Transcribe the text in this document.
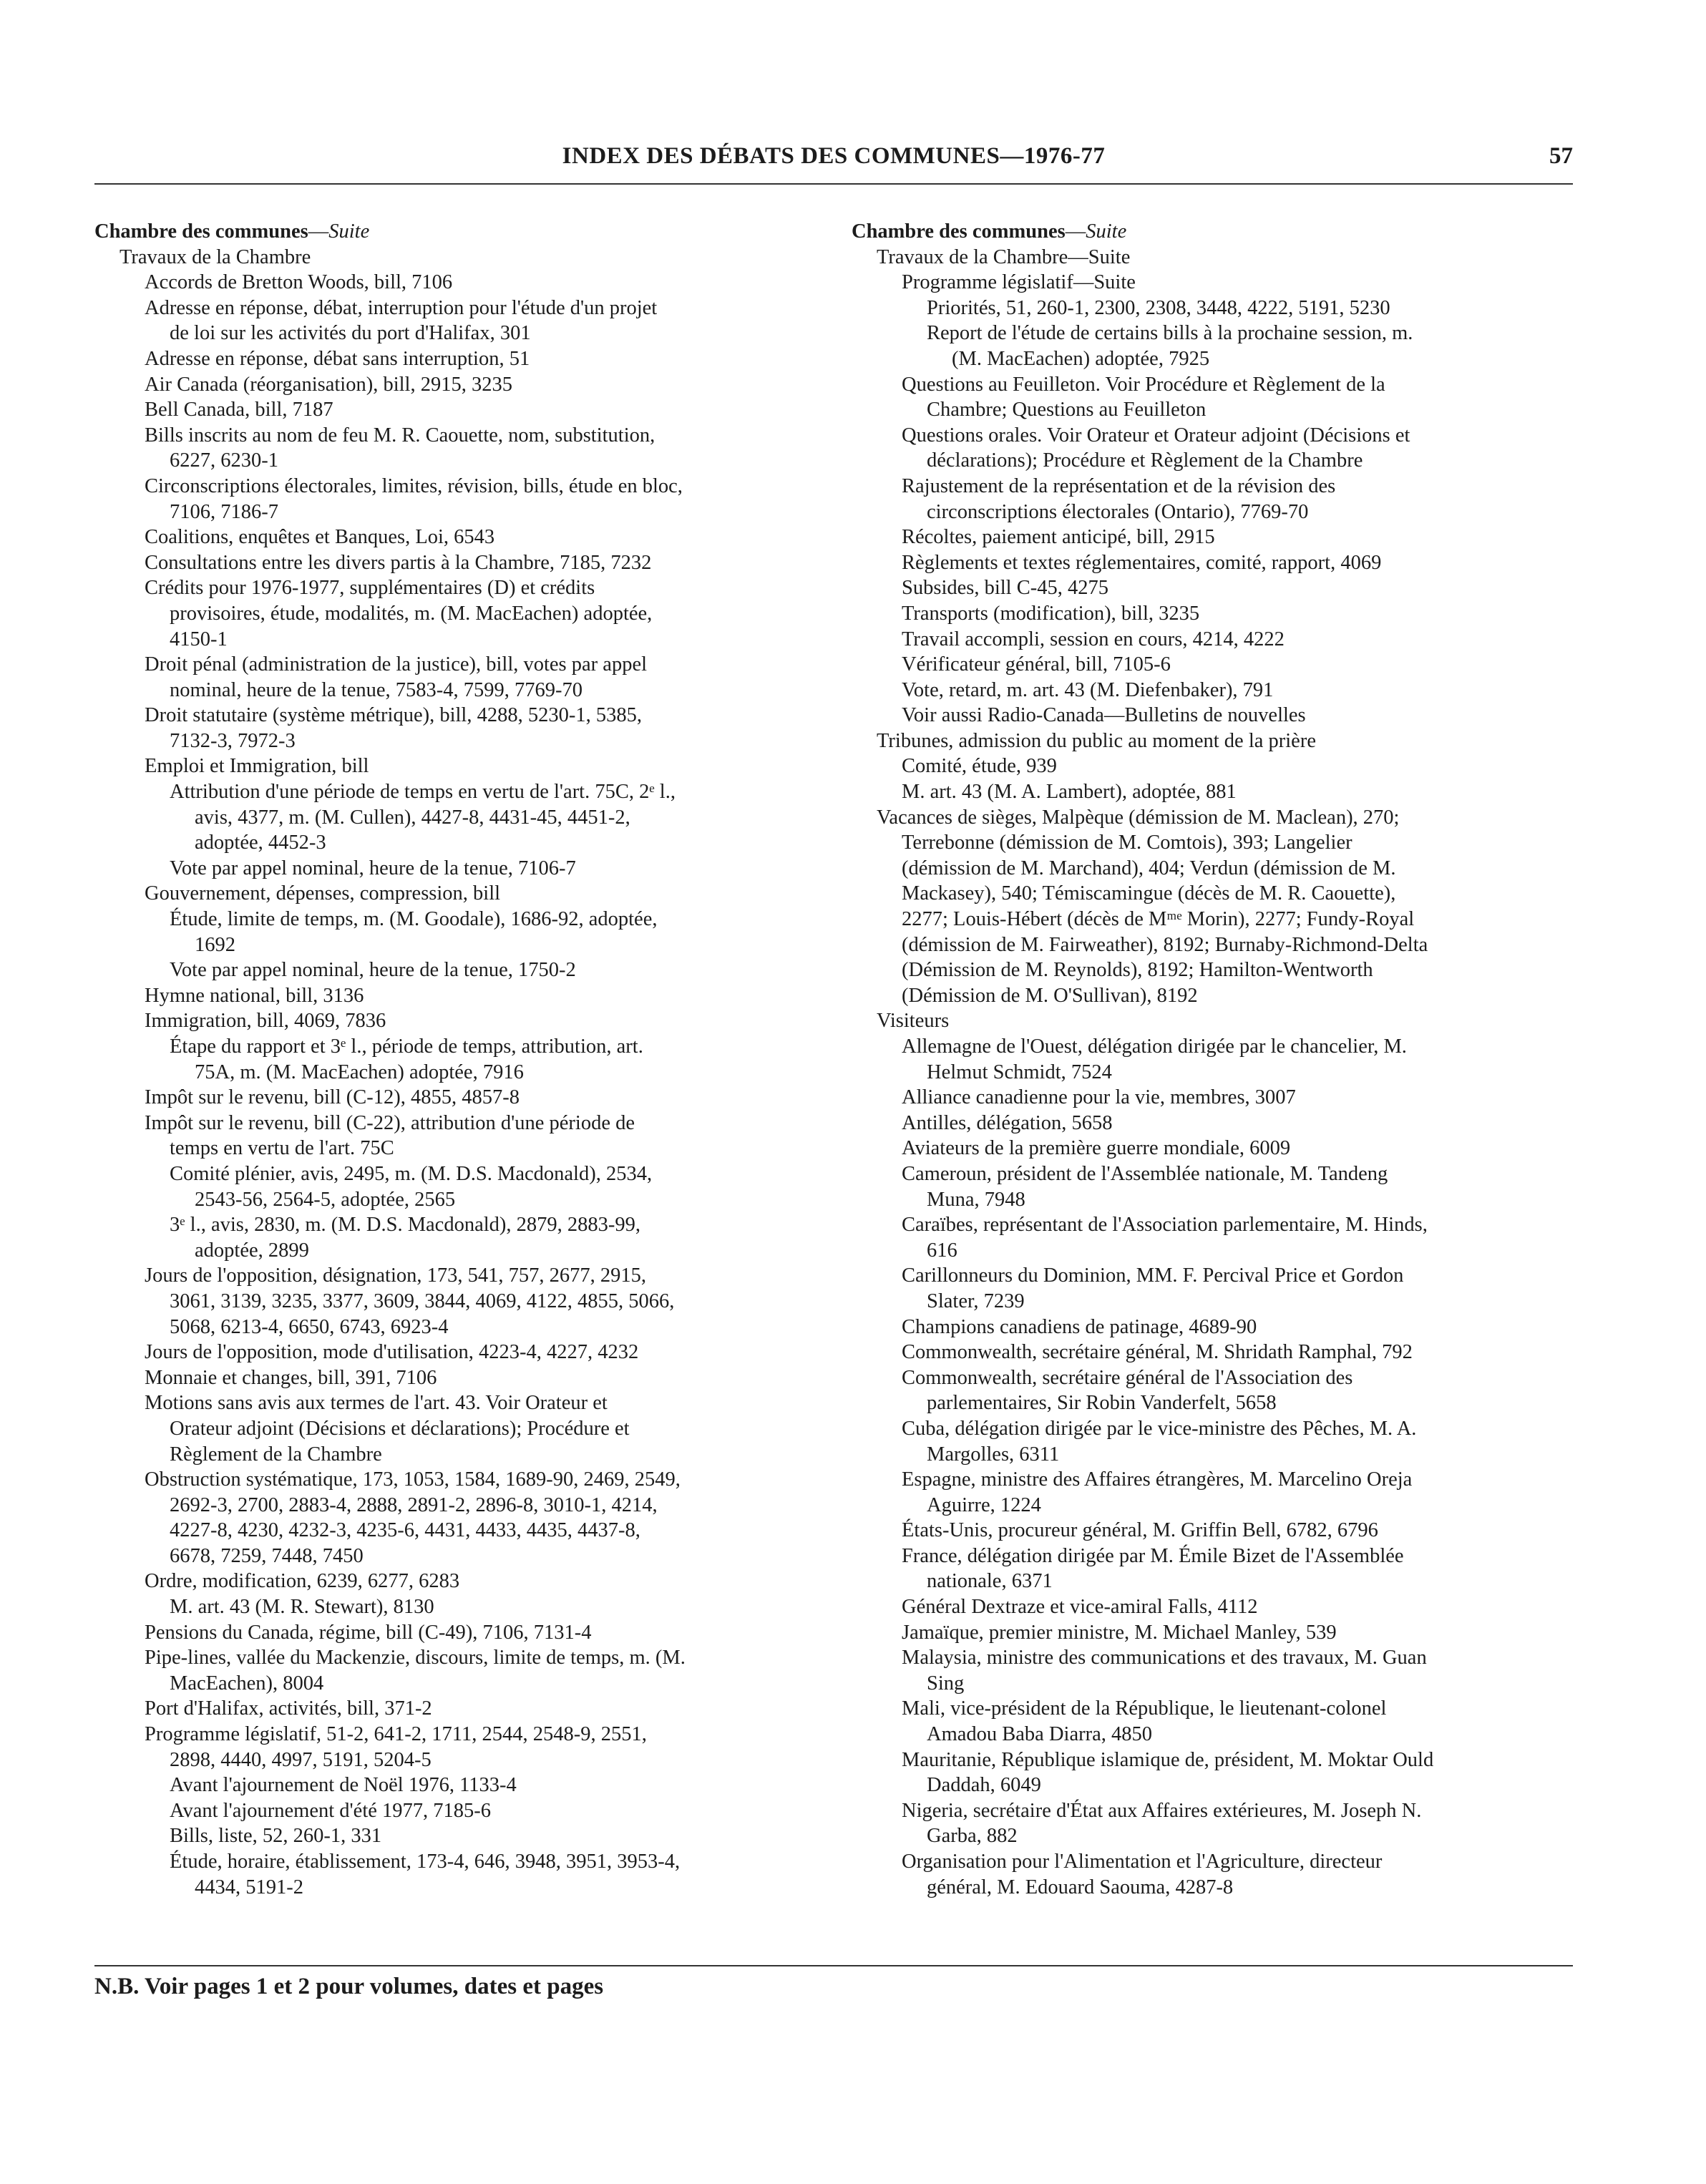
INDEX DES DÉBATS DES COMMUNES—1976-77	57
Chambre des communes—Suite
Travaux de la Chambre
Accords de Bretton Woods, bill, 7106
Adresse en réponse, débat, interruption pour l'étude d'un projet
de loi sur les activités du port d'Halifax, 301
Adresse en réponse, débat sans interruption, 51
Air Canada (réorganisation), bill, 2915, 3235
Bell Canada, bill, 7187
Bills inscrits au nom de feu M. R. Caouette, nom, substitution,
6227, 6230-1
Circonscriptions électorales, limites, révision, bills, étude en bloc,
7106, 7186-7
Coalitions, enquêtes et Banques, Loi, 6543
Consultations entre les divers partis à la Chambre, 7185, 7232
Crédits pour 1976-1977, supplémentaires (D) et crédits
provisoires, étude, modalités, m. (M. MacEachen) adoptée,
4150-1
Droit pénal (administration de la justice), bill, votes par appel
nominal, heure de la tenue, 7583-4, 7599, 7769-70
Droit statutaire (système métrique), bill, 4288, 5230-1, 5385,
7132-3, 7972-3
Emploi et Immigration, bill
Attribution d'une période de temps en vertu de l'art. 75C, 2ᵉ l.,
avis, 4377, m. (M. Cullen), 4427-8, 4431-45, 4451-2,
adoptée, 4452-3
Vote par appel nominal, heure de la tenue, 7106-7
Gouvernement, dépenses, compression, bill
Étude, limite de temps, m. (M. Goodale), 1686-92, adoptée,
1692
Vote par appel nominal, heure de la tenue, 1750-2
Hymne national, bill, 3136
Immigration, bill, 4069, 7836
Étape du rapport et 3ᵉ l., période de temps, attribution, art.
75A, m. (M. MacEachen) adoptée, 7916
Impôt sur le revenu, bill (C-12), 4855, 4857-8
Impôt sur le revenu, bill (C-22), attribution d'une période de
temps en vertu de l'art. 75C
Comité plénier, avis, 2495, m. (M. D.S. Macdonald), 2534,
2543-56, 2564-5, adoptée, 2565
3ᵉ l., avis, 2830, m. (M. D.S. Macdonald), 2879, 2883-99,
adoptée, 2899
Jours de l'opposition, désignation, 173, 541, 757, 2677, 2915,
3061, 3139, 3235, 3377, 3609, 3844, 4069, 4122, 4855, 5066,
5068, 6213-4, 6650, 6743, 6923-4
Jours de l'opposition, mode d'utilisation, 4223-4, 4227, 4232
Monnaie et changes, bill, 391, 7106
Motions sans avis aux termes de l'art. 43. Voir Orateur et
Orateur adjoint (Décisions et déclarations); Procédure et
Règlement de la Chambre
Obstruction systématique, 173, 1053, 1584, 1689-90, 2469, 2549,
2692-3, 2700, 2883-4, 2888, 2891-2, 2896-8, 3010-1, 4214,
4227-8, 4230, 4232-3, 4235-6, 4431, 4433, 4435, 4437-8,
6678, 7259, 7448, 7450
Ordre, modification, 6239, 6277, 6283
M. art. 43 (M. R. Stewart), 8130
Pensions du Canada, régime, bill (C-49), 7106, 7131-4
Pipe-lines, vallée du Mackenzie, discours, limite de temps, m. (M.
MacEachen), 8004
Port d'Halifax, activités, bill, 371-2
Programme législatif, 51-2, 641-2, 1711, 2544, 2548-9, 2551,
2898, 4440, 4997, 5191, 5204-5
Avant l'ajournement de Noël 1976, 1133-4
Avant l'ajournement d'été 1977, 7185-6
Bills, liste, 52, 260-1, 331
Étude, horaire, établissement, 173-4, 646, 3948, 3951, 3953-4,
4434, 5191-2
Chambre des communes—Suite
Travaux de la Chambre—Suite
Programme législatif—Suite
Priorités, 51, 260-1, 2300, 2308, 3448, 4222, 5191, 5230
Report de l'étude de certains bills à la prochaine session, m.
(M. MacEachen) adoptée, 7925
Questions au Feuilleton. Voir Procédure et Règlement de la
Chambre; Questions au Feuilleton
Questions orales. Voir Orateur et Orateur adjoint (Décisions et
déclarations); Procédure et Règlement de la Chambre
Rajustement de la représentation et de la révision des
circonscriptions électorales (Ontario), 7769-70
Récoltes, paiement anticipé, bill, 2915
Règlements et textes réglementaires, comité, rapport, 4069
Subsides, bill C-45, 4275
Transports (modification), bill, 3235
Travail accompli, session en cours, 4214, 4222
Vérificateur général, bill, 7105-6
Vote, retard, m. art. 43 (M. Diefenbaker), 791
Voir aussi Radio-Canada—Bulletins de nouvelles
Tribunes, admission du public au moment de la prière
Comité, étude, 939
M. art. 43 (M. A. Lambert), adoptée, 881
Vacances de sièges, Malpèque (démission de M. Maclean), 270;
Terrebonne (démission de M. Comtois), 393; Langelier
(démission de M. Marchand), 404; Verdun (démission de M.
Mackasey), 540; Témiscamingue (décès de M. R. Caouette),
2277; Louis-Hébert (décès de Mᵐᵉ Morin), 2277; Fundy-Royal
(démission de M. Fairweather), 8192; Burnaby-Richmond-Delta
(Démission de M. Reynolds), 8192; Hamilton-Wentworth
(Démission de M. O'Sullivan), 8192
Visiteurs
Allemagne de l'Ouest, délégation dirigée par le chancelier, M.
Helmut Schmidt, 7524
Alliance canadienne pour la vie, membres, 3007
Antilles, délégation, 5658
Aviateurs de la première guerre mondiale, 6009
Cameroun, président de l'Assemblée nationale, M. Tandeng
Muna, 7948
Caraïbes, représentant de l'Association parlementaire, M. Hinds,
616
Carillonneurs du Dominion, MM. F. Percival Price et Gordon
Slater, 7239
Champions canadiens de patinage, 4689-90
Commonwealth, secrétaire général, M. Shridath Ramphal, 792
Commonwealth, secrétaire général de l'Association des
parlementaires, Sir Robin Vanderfelt, 5658
Cuba, délégation dirigée par le vice-ministre des Pêches, M. A.
Margolles, 6311
Espagne, ministre des Affaires étrangères, M. Marcelino Oreja
Aguirre, 1224
États-Unis, procureur général, M. Griffin Bell, 6782, 6796
France, délégation dirigée par M. Émile Bizet de l'Assemblée
nationale, 6371
Général Dextraze et vice-amiral Falls, 4112
Jamaïque, premier ministre, M. Michael Manley, 539
Malaysia, ministre des communications et des travaux, M. Guan
Sing
Mali, vice-président de la République, le lieutenant-colonel
Amadou Baba Diarra, 4850
Mauritanie, République islamique de, président, M. Moktar Ould
Daddah, 6049
Nigeria, secrétaire d'État aux Affaires extérieures, M. Joseph N.
Garba, 882
Organisation pour l'Alimentation et l'Agriculture, directeur
général, M. Edouard Saouma, 4287-8
N.B. Voir pages 1 et 2 pour volumes, dates et pages
